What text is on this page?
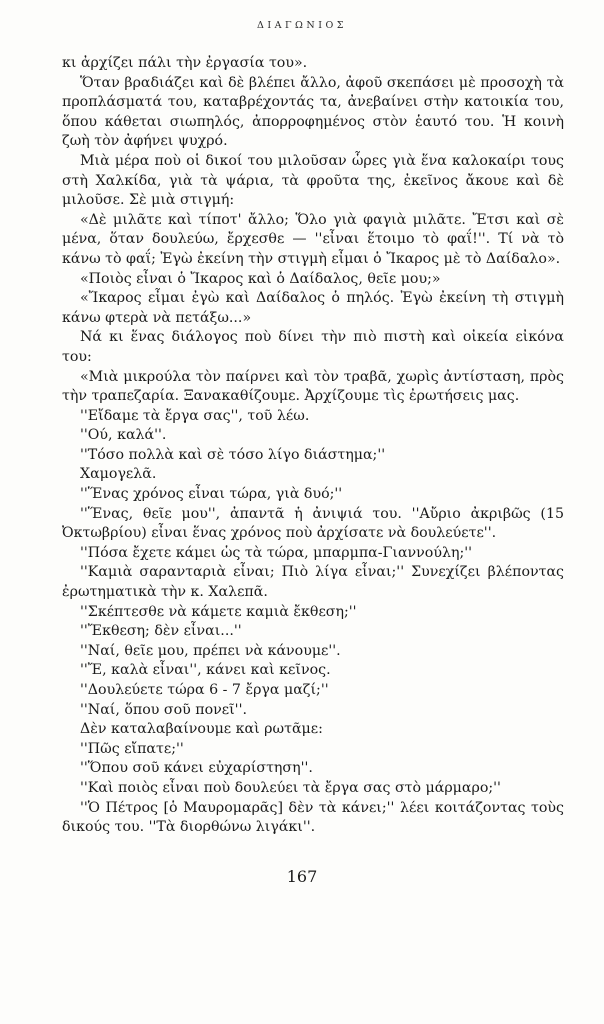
ΔΙΑΓΩΝΙΟΣ

κι ἀρχίζει πάλι τὴν ἐργασία του».

Ὅταν βραδιάζει καὶ δὲ βλέπει ἄλλο, ἀφοῦ σκεπάσει μὲ προσοχὴ τὰ προπλάσματά του, καταβρέχοντάς τα, ἀνεβαίνει στὴν κατοικία του, ὅπου κάθεται σιωπηλός, ἀπορροφημένος στὸν ἑαυτό του. Ἡ κοινὴ ζωὴ τὸν ἀφήνει ψυχρό.

Μιὰ μέρα ποὺ οἱ δικοί του μιλοῦσαν ὧρες γιὰ ἕνα καλοκαίρι τους στὴ Χαλκίδα, γιὰ τὰ ψάρια, τὰ φροῦτα της, ἐκεῖνος ἄκουε καὶ δὲ μιλοῦσε. Σὲ μιὰ στιγμή:

«Δὲ μιλᾶτε καὶ τίποτ' ἄλλο; Ὅλο γιὰ φαγιὰ μιλᾶτε. Ἔτσι καὶ σὲ μένα, ὅταν δουλεύω, ἔρχεσθε — ''εἶναι ἕτοιμο τὸ φαΐ!''. Τί νὰ τὸ κάνω τὸ φαΐ; Ἐγὼ ἐκείνη τὴν στιγμὴ εἶμαι ὁ Ἴκαρος μὲ τὸ Δαίδαλο».

«Ποιὸς εἶναι ὁ Ἴκαρος καὶ ὁ Δαίδαλος, θεῖε μου;»

«Ἴκαρος εἶμαι ἐγὼ καὶ Δαίδαλος ὁ πηλός. Ἐγὼ ἐκείνη τὴ στιγμὴ κάνω φτερὰ νὰ πετάξω...»

Νά κι ἕνας διάλογος ποὺ δίνει τὴν πιὸ πιστὴ καὶ οἰκεία εἰκόνα του:

«Μιὰ μικρούλα τὸν παίρνει καὶ τὸν τραβᾶ, χωρὶς ἀντίσταση, πρὸς τὴν τραπεζαρία. Ξανακαθίζουμε. Ἀρχίζουμε τὶς ἐρωτήσεις μας.

''Εἴδαμε τὰ ἔργα σας'', τοῦ λέω.

''Ού, καλά''.

''Τόσο πολλὰ καὶ σὲ τόσο λίγο διάστημα;''

Χαμογελᾶ.

''Ἕνας χρόνος εἶναι τώρα, γιὰ δυό;''

''Ἕνας, θεῖε μου'', ἀπαντᾶ ἡ ἀνιψιά του. ''Αὔριο ἀκριβῶς (15 Ὀκτωβρίου) εἶναι ἕνας χρόνος ποὺ ἀρχίσατε νὰ δουλεύετε''.

''Πόσα ἔχετε κάμει ὡς τὰ τώρα, μπαρμπα-Γιαννούλη;''

''Καμιὰ σαρανταριὰ εἶναι; Πιὸ λίγα εἶναι;'' Συνεχίζει βλέποντας ἐρωτηματικὰ τὴν κ. Χαλεπᾶ.

''Σκέπτεσθε νὰ κάμετε καμιὰ ἔκθεση;''

''Ἔκθεση; δὲν εἶναι...''

''Ναί, θεῖε μου, πρέπει νὰ κάνουμε''.

''Ἔ, καλὰ εἶναι'', κάνει καὶ κεῖνος.

''Δουλεύετε τώρα 6 - 7 ἔργα μαζί;''

''Ναί, ὅπου σοῦ πονεῖ''.

Δὲν καταλαβαίνουμε καὶ ρωτᾶμε:

''Πῶς εἴπατε;''

''Ὅπου σοῦ κάνει εὐχαρίστηση''.

''Καὶ ποιὸς εἶναι ποὺ δουλεύει τὰ ἔργα σας στὸ μάρμαρο;''

''Ὁ Πέτρος [ὁ Μαυρομαρᾶς] δὲν τὰ κάνει;'' λέει κοιτάζοντας τοὺς δικούς του. ''Τὰ διορθώνω λιγάκι''.

167
